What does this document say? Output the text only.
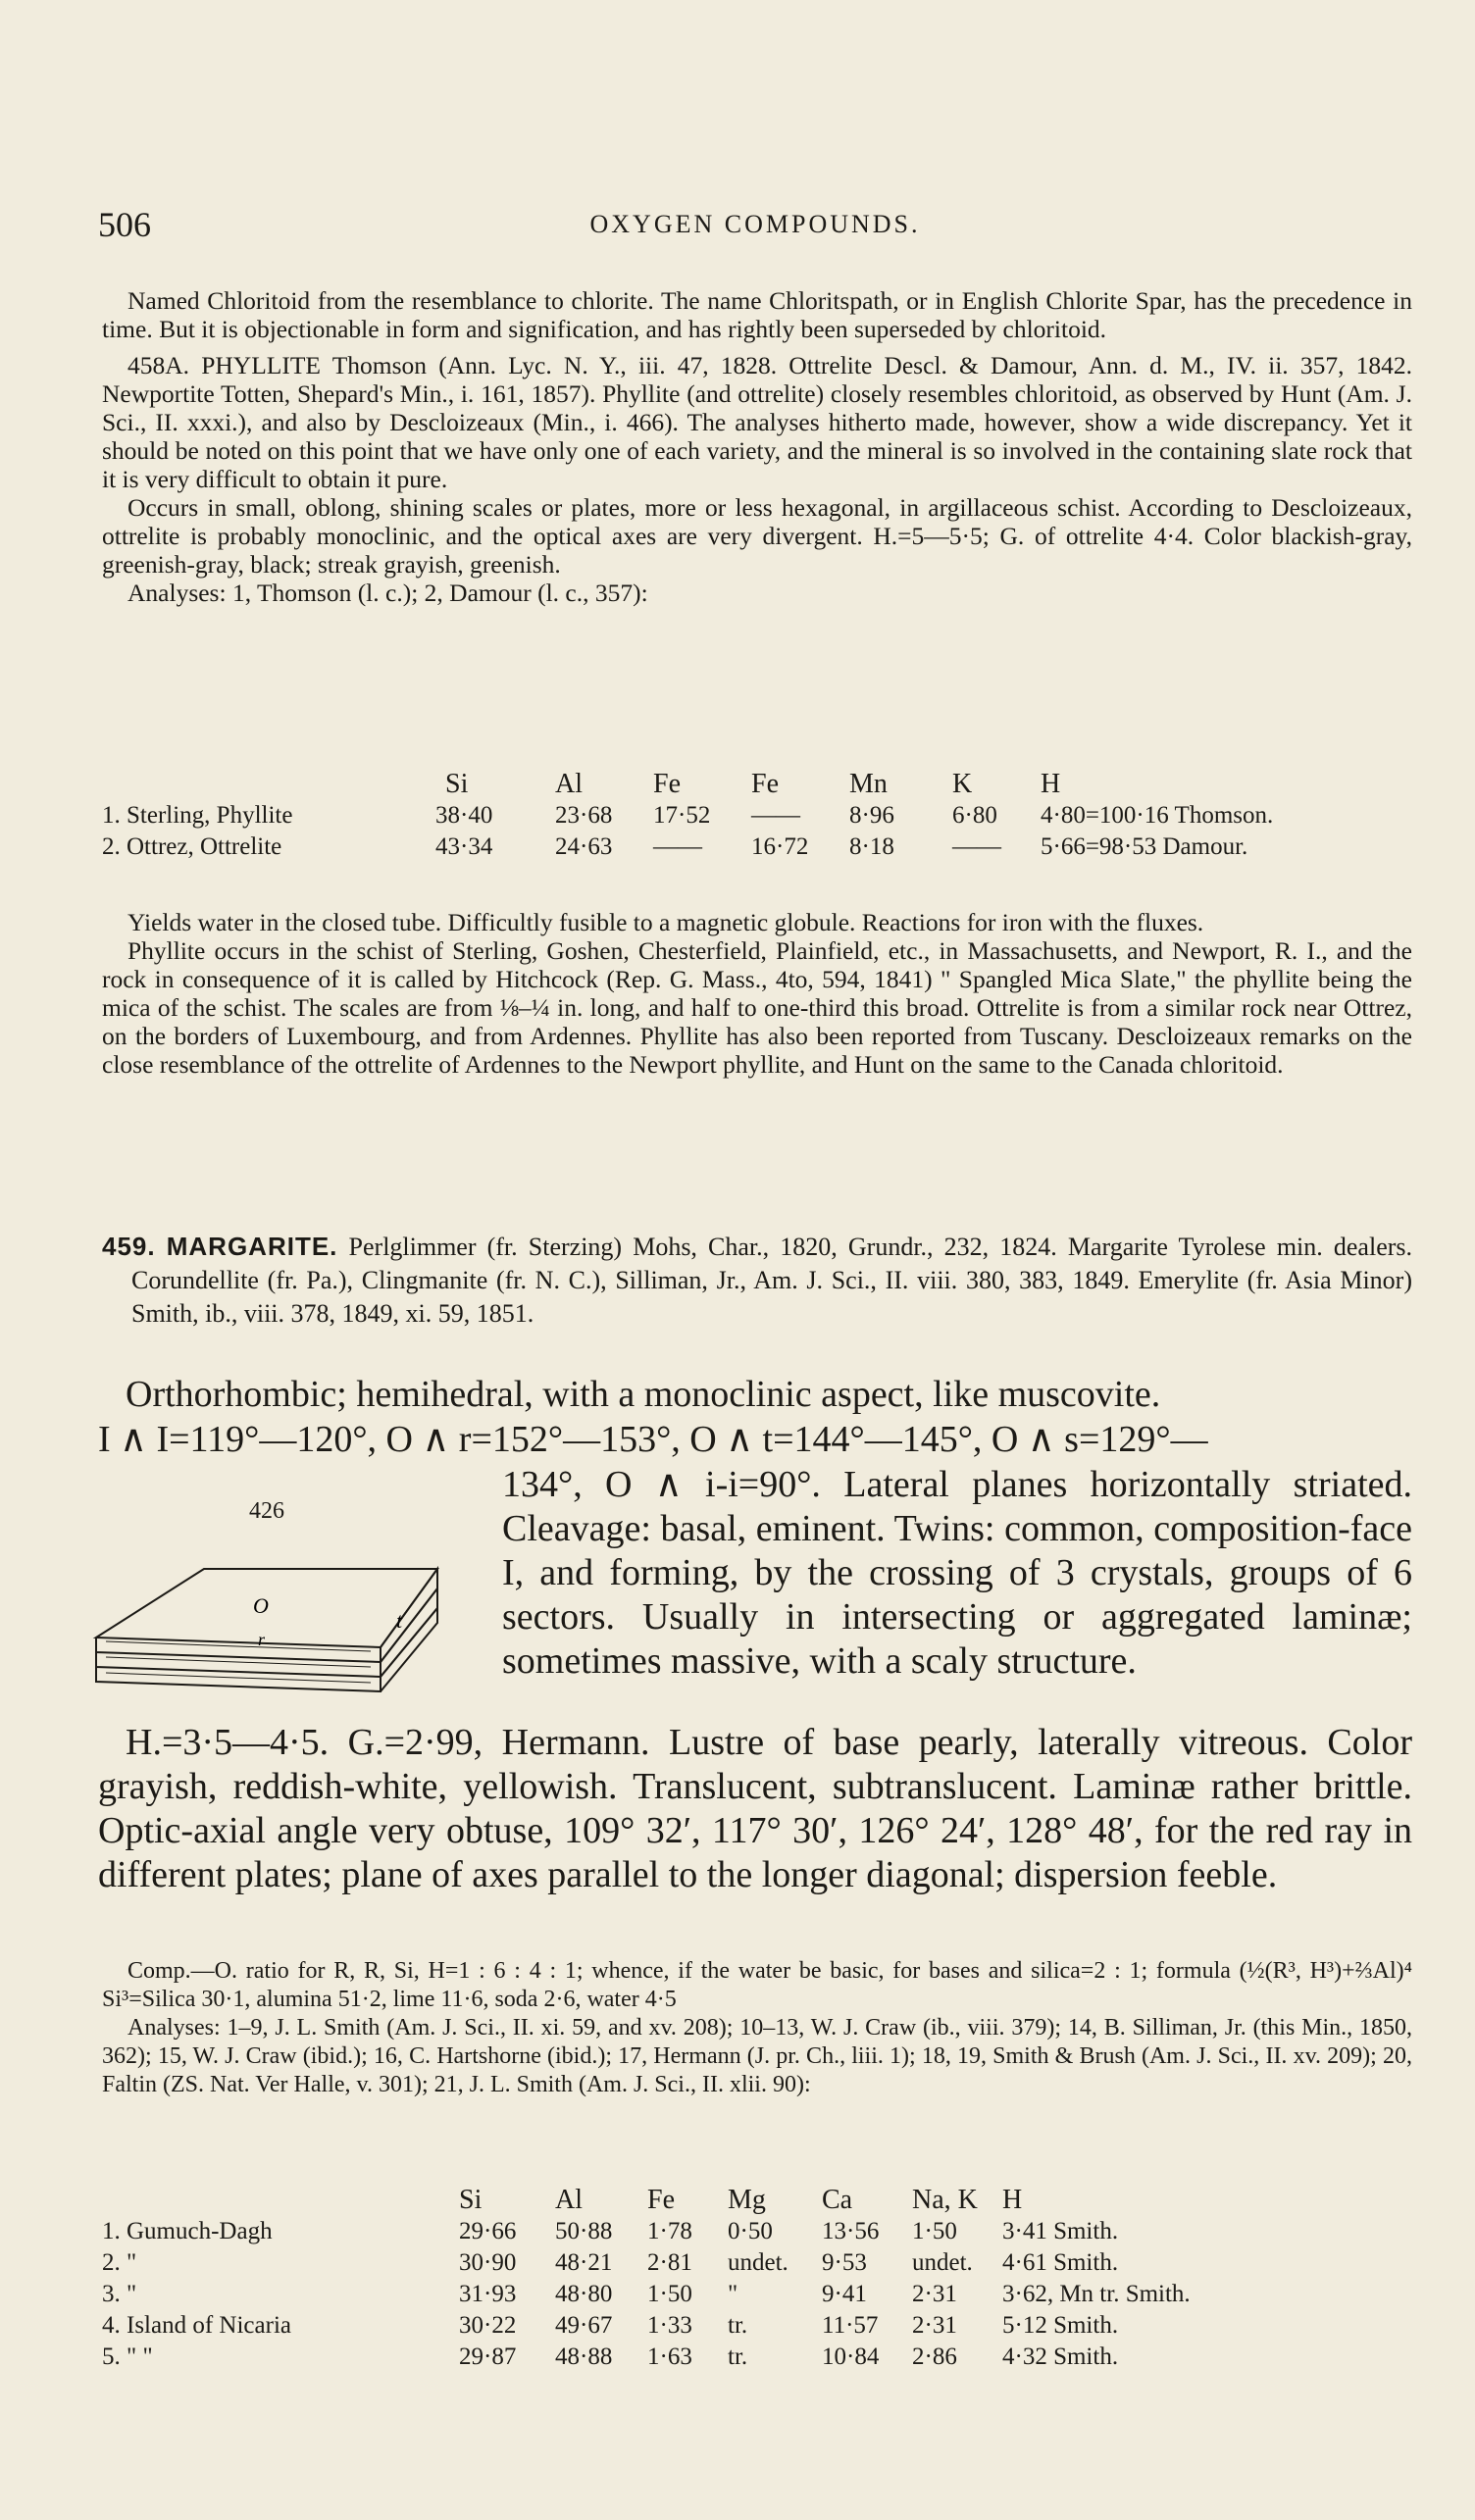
506	OXYGEN COMPOUNDS.

Named Chloritoid from the resemblance to chlorite. The name Chloritspath, or in English Chlorite Spar, has the precedence in time. But it is objectionable in form and signification, and has rightly been superseded by chloritoid.

458A. PHYLLITE Thomson (Ann. Lyc. N. Y., iii. 47, 1828. Ottrelite Descl. & Damour, Ann. d. M., IV. ii. 357, 1842. Newportite Totten, Shepard's Min., i. 161, 1857). Phyllite (and ottrelite) closely resembles chloritoid, as observed by Hunt (Am. J. Sci., II. xxxi.), and also by Descloizeaux (Min., i. 466). The analyses hitherto made, however, show a wide discrepancy. Yet it should be noted on this point that we have only one of each variety, and the mineral is so involved in the containing slate rock that it is very difficult to obtain it pure.

Occurs in small, oblong, shining scales or plates, more or less hexagonal, in argillaceous schist. According to Descloizeaux, ottrelite is probably monoclinic, and the optical axes are very divergent. H.=5—5·5; G. of ottrelite 4·4. Color blackish-gray, greenish-gray, black; streak grayish, greenish.

Analyses: 1, Thomson (l. c.); 2, Damour (l. c., 357):

	Si	Al	Fe	Fe	Mn	K	H
1. Sterling, Phyllite	38·40	23·68	17·52	——	8·96	6·80	4·80=100·16 Thomson.
2. Ottrez, Ottrelite	43·34	24·63	——	16·72	8·18	——	5·66=98·53 Damour.

Yields water in the closed tube. Difficultly fusible to a magnetic globule. Reactions for iron with the fluxes.

Phyllite occurs in the schist of Sterling, Goshen, Chesterfield, Plainfield, etc., in Massachusetts, and Newport, R. I., and the rock in consequence of it is called by Hitchcock (Rep. G. Mass., 4to, 594, 1841) " Spangled Mica Slate," the phyllite being the mica of the schist. The scales are from ⅛–¼ in. long, and half to one-third this broad. Ottrelite is from a similar rock near Ottrez, on the borders of Luxembourg, and from Ardennes. Phyllite has also been reported from Tuscany. Descloizeaux remarks on the close resemblance of the ottrelite of Ardennes to the Newport phyllite, and Hunt on the same to the Canada chloritoid.

459. MARGARITE. Perlglimmer (fr. Sterzing) Mohs, Char., 1820, Grundr., 232, 1824. Margarite Tyrolese min. dealers. Corundellite (fr. Pa.), Clingmanite (fr. N. C.), Silliman, Jr., Am. J. Sci., II. viii. 380, 383, 1849. Emerylite (fr. Asia Minor) Smith, ib., viii. 378, 1849, xi. 59, 1851.

Orthorhombic; hemihedral, with a monoclinic aspect, like muscovite.
I ∧ I=119°—120°, O ∧ r=152°—153°, O ∧ t=144°—145°, O ∧ s=129°—
426
O
r
t
134°, O ∧ i-i=90°. Lateral planes horizontally striated. Cleavage: basal, eminent. Twins: common, composition-face I, and forming, by the crossing of 3 crystals, groups of 6 sectors. Usually in intersecting or aggregated laminæ; sometimes massive, with a scaly structure.
H.=3·5—4·5. G.=2·99, Hermann. Lustre of base pearly, laterally vitreous. Color grayish, reddish-white, yellowish. Translucent, subtranslucent. Laminæ rather brittle. Optic-axial angle very obtuse, 109° 32′, 117° 30′, 126° 24′, 128° 48′, for the red ray in different plates; plane of axes parallel to the longer diagonal; dispersion feeble.

Comp.—O. ratio for R, R, Si, H=1 : 6 : 4 : 1; whence, if the water be basic, for bases and silica=2 : 1; formula (½(R³, H³)+⅔Al)⁴ Si³=Silica 30·1, alumina 51·2, lime 11·6, soda 2·6, water 4·5

Analyses: 1–9, J. L. Smith (Am. J. Sci., II. xi. 59, and xv. 208); 10–13, W. J. Craw (ib., viii. 379); 14, B. Silliman, Jr. (this Min., 1850, 362); 15, W. J. Craw (ibid.); 16, C. Hartshorne (ibid.); 17, Hermann (J. pr. Ch., liii. 1); 18, 19, Smith & Brush (Am. J. Sci., II. xv. 209); 20, Faltin (ZS. Nat. Ver Halle, v. 301); 21, J. L. Smith (Am. J. Sci., II. xlii. 90):

	Si	Al	Fe	Mg	Ca	Na, K	H
1. Gumuch-Dagh	29·66	50·88	1·78	0·50	13·56	1·50	3·41 Smith.
2. "	30·90	48·21	2·81	undet.	9·53	undet.	4·61 Smith.
3. "	31·93	48·80	1·50	"	9·41	2·31	3·62, Mn tr. Smith.
4. Island of Nicaria	30·22	49·67	1·33	tr.	11·57	2·31	5·12 Smith.
5. " "	29·87	48·88	1·63	tr.	10·84	2·86	4·32 Smith.
